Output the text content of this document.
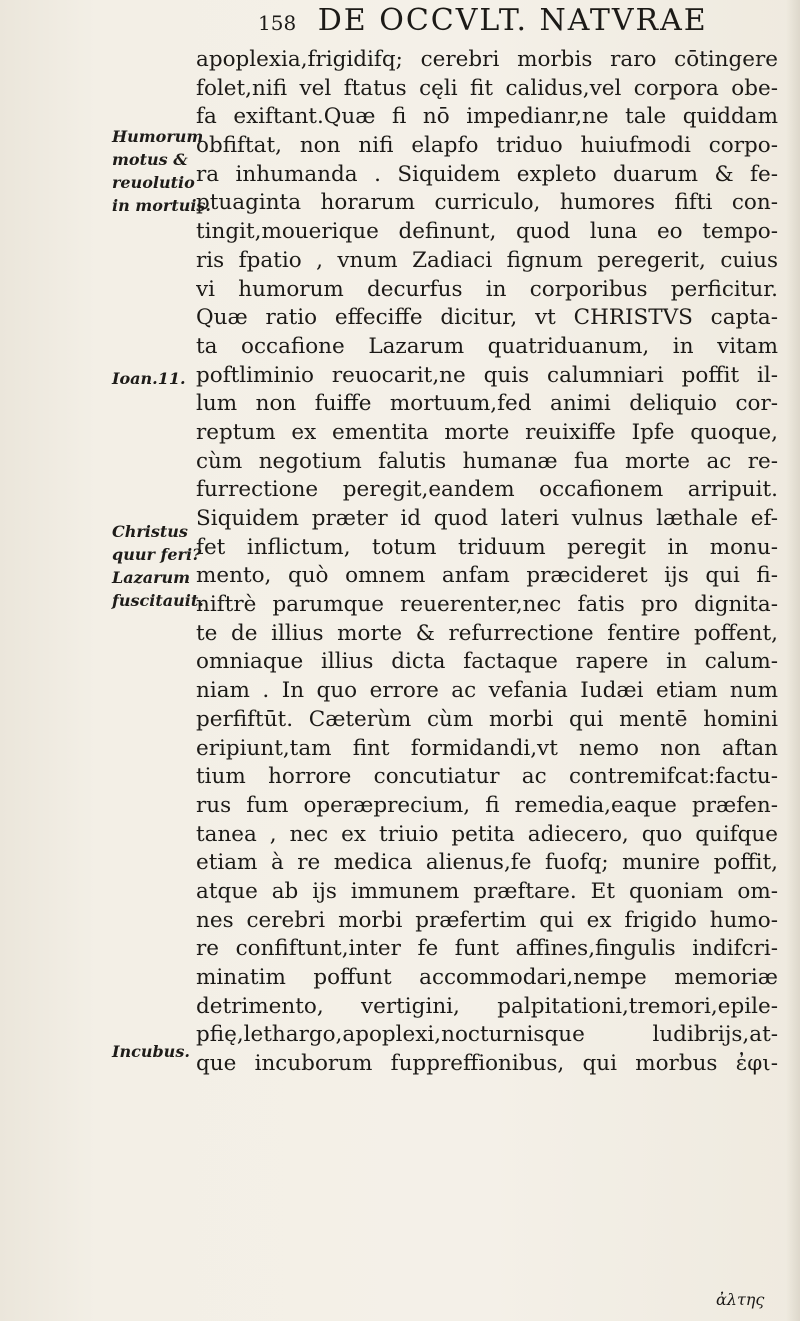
158 DE OCCVLT. NATVRAE
Humorum
motus &
reuolutio
in mortuis.
Ioan.11.
Christus
quur feri?
Lazarum
fuscitauit.
Incubus.
apoplexia,frigidifq; cerebri morbis raro cōtingere
folet,nifi vel ftatus cęli fit calidus,vel corpora obe-
fa exiftant.Quæ fi nō impedianr,ne tale quiddam
obfiftat, non nifi elapfo triduo huiufmodi corpo-
ra inhumanda . Siquidem expleto duarum & fe-
ptuaginta horarum curriculo, humores fifti con-
tingit,mouerique definunt, quod luna eo tempo-
ris fpatio , vnum Zadiaci fignum peregerit, cuius
vi humorum decurfus in corporibus perficitur.
Quæ ratio effeciffe dicitur, vt CHRISTVS capta-
ta occafione Lazarum quatriduanum, in vitam
poftliminio reuocarit,ne quis calumniari poffit il-
lum non fuiffe mortuum,fed animi deliquio cor-
reptum ex ementita morte reuixiffe Ipfe quoque,
cùm negotium falutis humanæ fua morte ac re-
furrectione peregit,eandem occafionem arripuit.
Siquidem præter id quod lateri vulnus læthale ef-
fet inflictum, totum triduum peregit in monu-
mento, quò omnem anfam præcideret ijs qui fi-
niftrè parumque reuerenter,nec fatis pro dignita-
te de illius morte & refurrectione fentire poffent,
omniaque illius dicta factaque rapere in calum-
niam . In quo errore ac vefania Iudæi etiam num
perfiftūt. Cæterùm cùm morbi qui mentē homini
eripiunt,tam fint formidandi,vt nemo non aftan
tium horrore concutiatur ac contremifcat:factu-
rus fum operæprecium, fi remedia,eaque præfen-
tanea , nec ex triuio petita adiecero, quo quifque
etiam à re medica alienus,fe fuofq; munire poffit,
atque ab ijs immunem præftare. Et quoniam om-
nes cerebri morbi præfertim qui ex frigido humo-
re confiftunt,inter fe funt affines,fingulis indifcri-
minatim poffunt accommodari,nempe memoriæ
detrimento, vertigini, palpitationi,tremori,epile-
pfię,lethargo,apoplexi,nocturnisque ludibrijs,at-
que incuborum fuppreffionibus, qui morbus ἐφι-
ἀλτης
